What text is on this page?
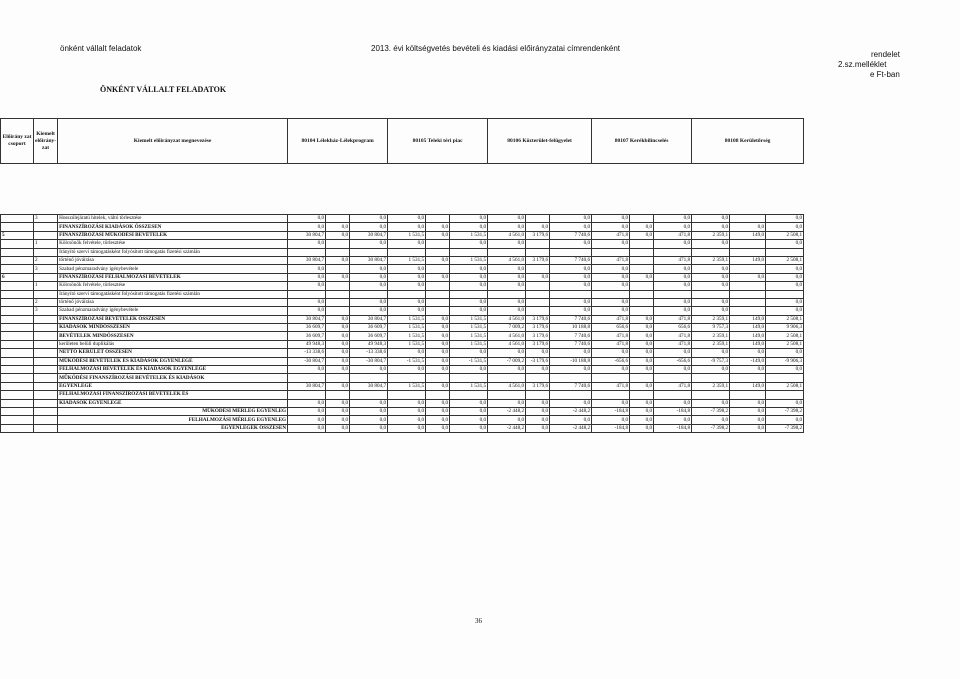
önként vállalt feladatok	2013. évi költségvetés bevételi és kiadási előirányzatai címrendenként
rendelet
2.sz.melléklet
e Ft-ban
ÖNKÉNT VÁLLALT FELADATOK
Előirány zat csoport	Kiemelt előirány- zat	Kiemelt előirányzat megnevezése	80104 Lélekház-Lélekprogram			80105 Teleki téri piac			80106 Közterület-felügyelet			80107 Kerékbilincselés			80108 Kerületőrség		

	3	Hosszúlejáratú hitelek, váltó törlesztése	0,0		0,0	0,0		0,0	0,0		0,0	0,0		0,0	0,0		0,0
		FINANSZÍROZÁSI KIADÁSOK ÖSSZESEN	0,0	0,0	0,0	0,0	0,0	0,0	0,0	0,0	0,0	0,0	0,0	0,0	0,0	0,0	0,0
5		FINANSZÍROZÁSI MŰKÖDÉSI BEVÉTELEK	30 804,7	0,0	30 804,7	1 531,5	0,0	1 531,5	4 561,0	3 179,6	7 740,6	471,8	0,0	471,8	2 359,1	149,0	2 508,1
	1	Kölcsönök felvétele, törlesztése	0,0		0,0	0,0		0,0	0,0		0,0	0,0		0,0	0,0		0,0
		Irányító szervi támogatásként folyósított támogatás fizetési számlán															
	2	történő jóváírása	30 804,7	0,0	30 804,7	1 531,5	0,0	1 531,5	4 561,0	3 179,6	7 740,6	471,8		471,8	2 359,1	149,0	2 508,1
	3	Szabad pénzmaradvány igénybevétele	0,0		0,0	0,0		0,0	0,0		0,0	0,0		0,0	0,0		0,0
6		FINANSZÍROZÁSI FELHALMOZÁSI BEVÉTELEK	0,0	0,0	0,0	0,0	0,0	0,0	0,0	0,0	0,0	0,0	0,0	0,0	0,0	0,0	0,0
	1	Kölcsönök felvétele, törlesztése	0,0		0,0	0,0		0,0	0,0		0,0	0,0		0,0	0,0		0,0
		Irányító szervi támogatásként folyósított támogatás fizetési számlán															
	2	történő jóváírása	0,0		0,0	0,0		0,0	0,0		0,0	0,0		0,0	0,0		0,0
	3	Szabad pénzmaradvány igénybevétele	0,0		0,0	0,0		0,0	0,0		0,0	0,0		0,0	0,0		0,0
		FINANSZÍROZÁSI BEVÉTELEK ÖSSZESEN	30 804,7	0,0	30 804,7	1 531,5	0,0	1 531,5	4 561,0	3 179,6	7 740,6	471,8	0,0	471,8	2 359,1	149,0	2 508,1
		KIADÁSOK MINDÖSSZESEN	36 609,7	0,0	36 609,7	1 531,5	0,0	1 531,5	7 009,2	3 179,6	10 188,8	656,6	0,0	656,6	9 757,3	149,0	9 906,3
		BEVÉTELEK MINDÖSSZESEN	36 609,7	0,0	36 609,7	1 531,5	0,0	1 531,5	4 561,0	3 179,6	7 740,6	471,8	0,0	471,8	2 359,1	149,0	2 508,1
		kerületen belüli duplikálás	49 948,3	0,0	49 948,3	1 531,5	0,0	1 531,5	4 561,0	3 179,6	7 740,6	471,8	0,0	471,8	2 359,1	149,0	2 508,1
		NETTÓ KERÜLET ÖSSZESEN	-13 338,6	0,0	-13 338,6	0,0	0,0	0,0	0,0	0,0	0,0	0,0	0,0	0,0	0,0	0,0	0,0
		MŰKÖDÉSI BEVÉTELEK ÉS KIADÁSOK EGYENLEGE	-30 804,7	0,0	-30 804,7	-1 531,5	0,0	-1 531,5	-7 009,2	-3 179,6	-10 188,8	-656,6	0,0	-656,6	-9 757,3	-149,0	-9 906,3
		FELHALMOZÁSI BEVÉTELEK ÉS KIADÁSOK EGYENLEGE	0,0	0,0	0,0	0,0	0,0	0,0	0,0	0,0	0,0	0,0	0,0	0,0	0,0	0,0	0,0
		MŰKÖDÉSI FINANSZÍROZÁSI BEVÉTELEK ÉS KIADÁSOK															
		EGYENLEGE	30 804,7	0,0	30 804,7	1 531,5	0,0	1 531,5	4 561,0	3 179,6	7 740,6	471,8	0,0	471,8	2 359,1	149,0	2 508,1
		FELHALMOZÁSI FINANSZÍROZÁSI BEVÉTELEK ÉS															
		KIADÁSOK EGYENLEGE	0,0	0,0	0,0	0,0	0,0	0,0	0,0	0,0	0,0	0,0	0,0	0,0	0,0	0,0	0,0
		MŰKÖDÉSI MÉRLEG EGYENLEG	0,0	0,0	0,0	0,0	0,0	0,0	-2 448,2	0,0	-2 448,2	-184,8	0,0	-184,8	-7 398,2	0,0	-7 398,2
		FELHALMOZÁSI MÉRLEG EGYENLEG	0,0	0,0	0,0	0,0	0,0	0,0	0,0	0,0	0,0	0,0	0,0	0,0	0,0	0,0	0,0
		EGYENLEGEK ÖSSZESEN	0,0	0,0	0,0	0,0	0,0	0,0	-2 448,2	0,0	-2 448,2	-184,8	0,0	-184,8	-7 398,2	0,0	-7 398,2
36
